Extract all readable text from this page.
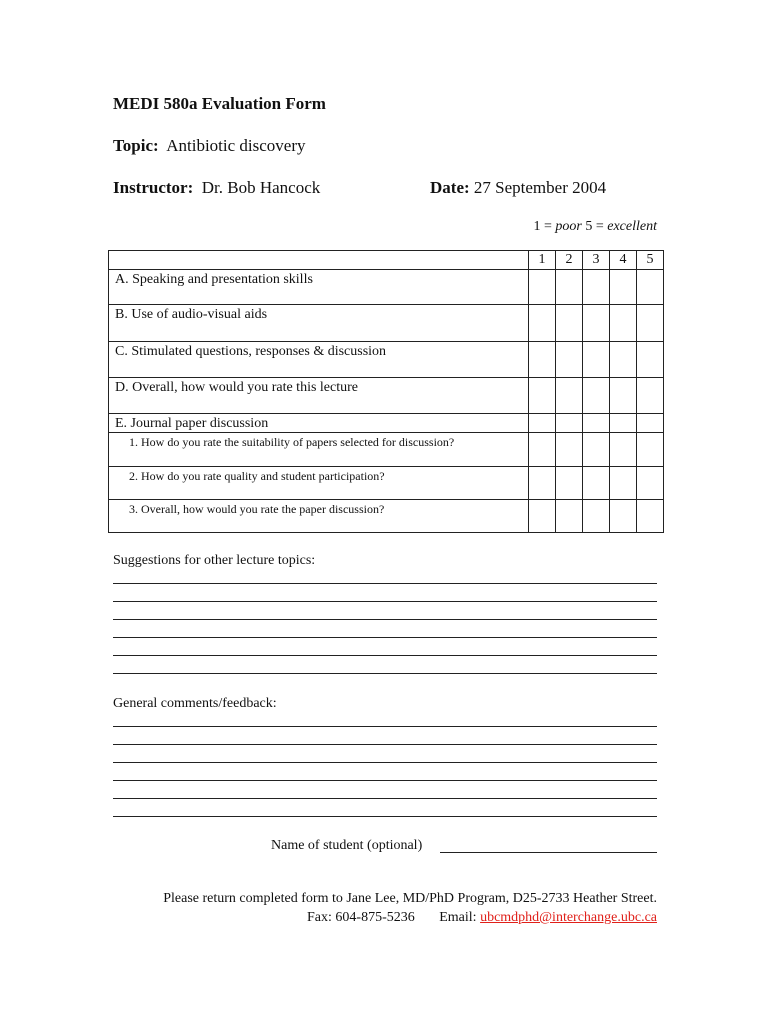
MEDI 580a Evaluation Form
Topic: Antibiotic discovery
Instructor: Dr. Bob Hancock	Date: 27 September 2004
1 = poor 5 = excellent
	1	2	3	4	5

A. Speaking and presentation skills					

B. Use of audio-visual aids					

C. Stimulated questions, responses & discussion					

D. Overall, how would you rate this lecture					

E. Journal paper discussion					

1. How do you rate the suitability of papers selected for discussion?					

2. How do you rate quality and student participation?					

3. Overall, how would you rate the paper discussion?					

Suggestions for other lecture topics:
General comments/feedback:
Name of student (optional)
Please return completed form to Jane Lee, MD/PhD Program, D25-2733 Heather Street.
Fax: 604-875-5236 Email: ubcmdphd@interchange.ubc.ca
